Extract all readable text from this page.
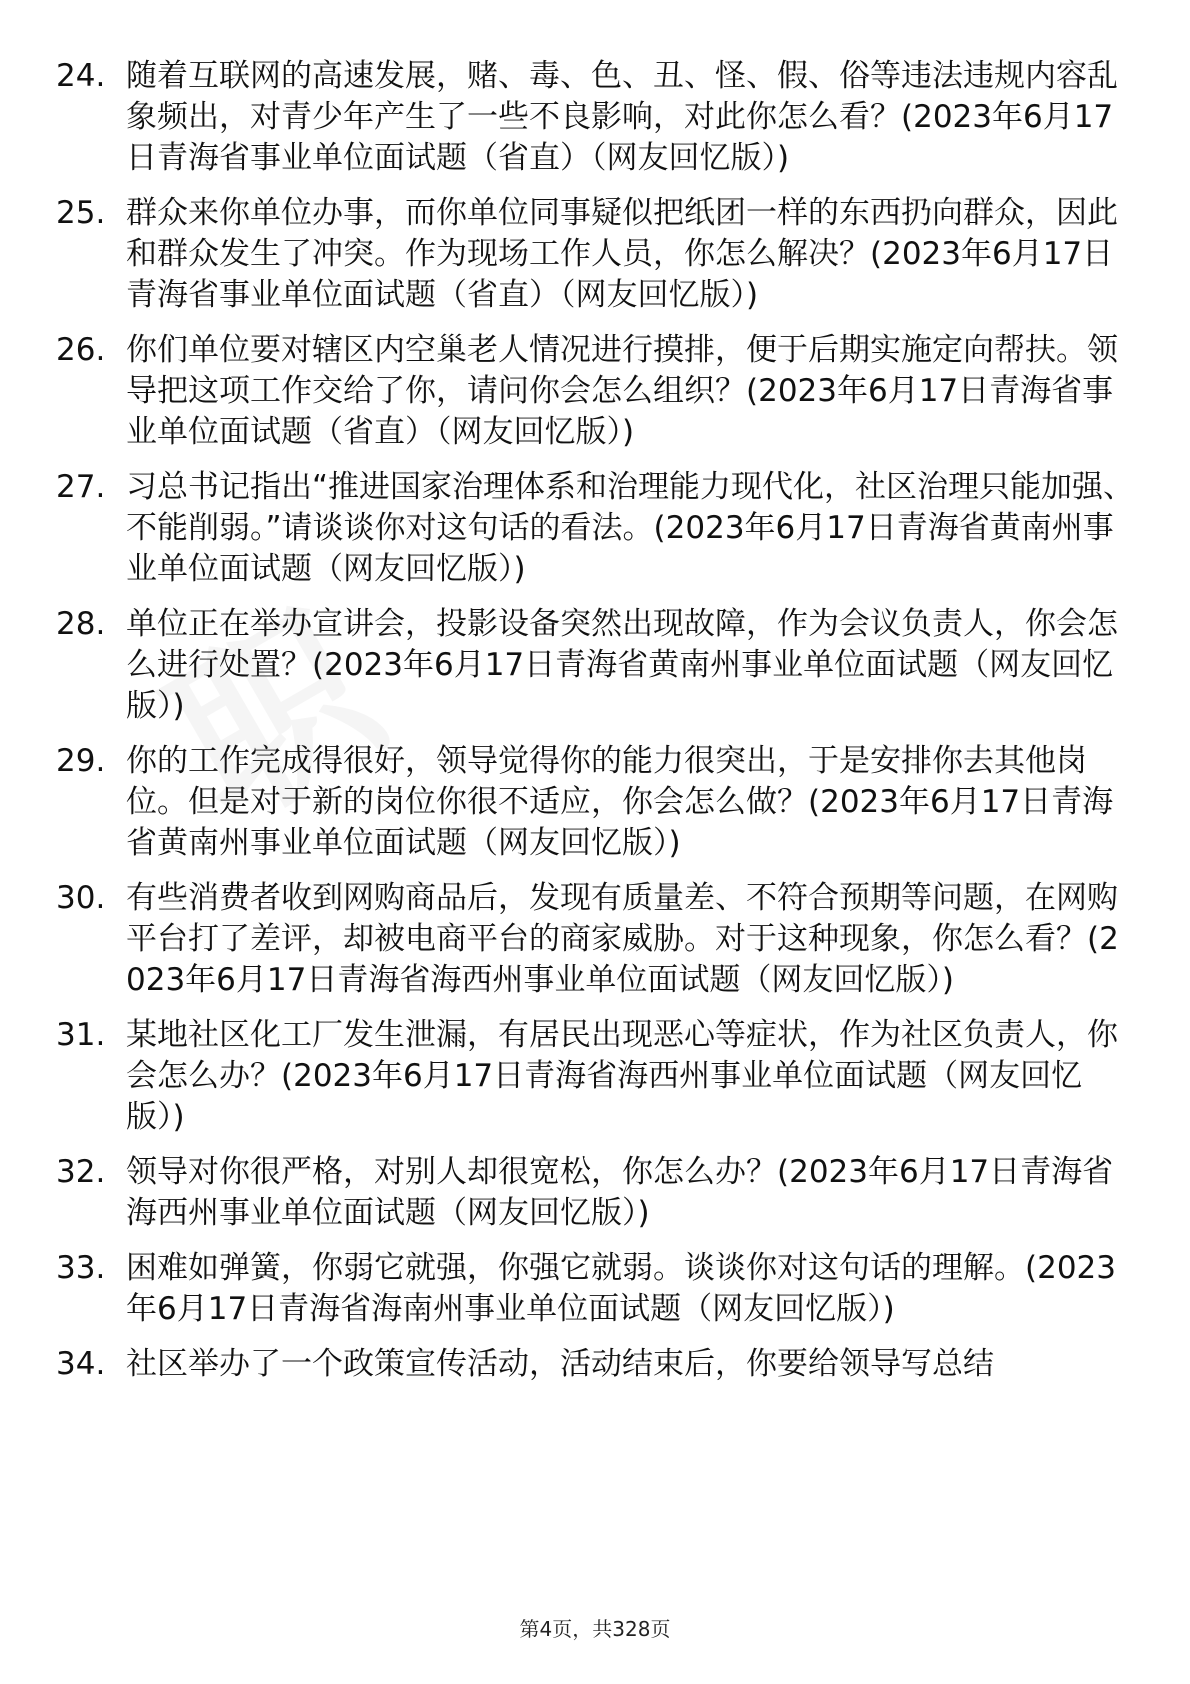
24. 随着互联网的高速发展，赌、毒、色、丑、怪、假、俗等违法违规内容乱象频出，对青少年产生了一些不良影响，对此你怎么看？(2023年6月17日青海省事业单位面试题（省直）（网友回忆版）)
25. 群众来你单位办事，而你单位同事疑似把纸团一样的东西扔向群众，因此和群众发生了冲突。作为现场工作人员，你怎么解决？(2023年6月17日青海省事业单位面试题（省直）（网友回忆版）)
26. 你们单位要对辖区内空巢老人情况进行摸排，便于后期实施定向帮扶。领导把这项工作交给了你，请问你会怎么组织？(2023年6月17日青海省事业单位面试题（省直）（网友回忆版）)
27. 习总书记指出“推进国家治理体系和治理能力现代化，社区治理只能加强、不能削弱。”请谈谈你对这句话的看法。(2023年6月17日青海省黄南州事业单位面试题（网友回忆版）)
28. 单位正在举办宣讲会，投影设备突然出现故障，作为会议负责人，你会怎么进行处置？(2023年6月17日青海省黄南州事业单位面试题（网友回忆版）)
29. 你的工作完成得很好，领导觉得你的能力很突出，于是安排你去其他岗位。但是对于新的岗位你很不适应，你会怎么做？(2023年6月17日青海省黄南州事业单位面试题（网友回忆版）)
30. 有些消费者收到网购商品后，发现有质量差、不符合预期等问题，在网购平台打了差评，却被电商平台的商家威胁。对于这种现象，你怎么看？(2023年6月17日青海省海西州事业单位面试题（网友回忆版）)
31. 某地社区化工厂发生泄漏，有居民出现恶心等症状，作为社区负责人，你会怎么办？(2023年6月17日青海省海西州事业单位面试题（网友回忆版）)
32. 领导对你很严格，对别人却很宽松，你怎么办？(2023年6月17日青海省海西州事业单位面试题（网友回忆版）)
33. 困难如弹簧，你弱它就强，你强它就弱。谈谈你对这句话的理解。(2023年6月17日青海省海南州事业单位面试题（网友回忆版）)
34. 社区举办了一个政策宣传活动，活动结束后，你要给领导写总结
第4页，共328页
